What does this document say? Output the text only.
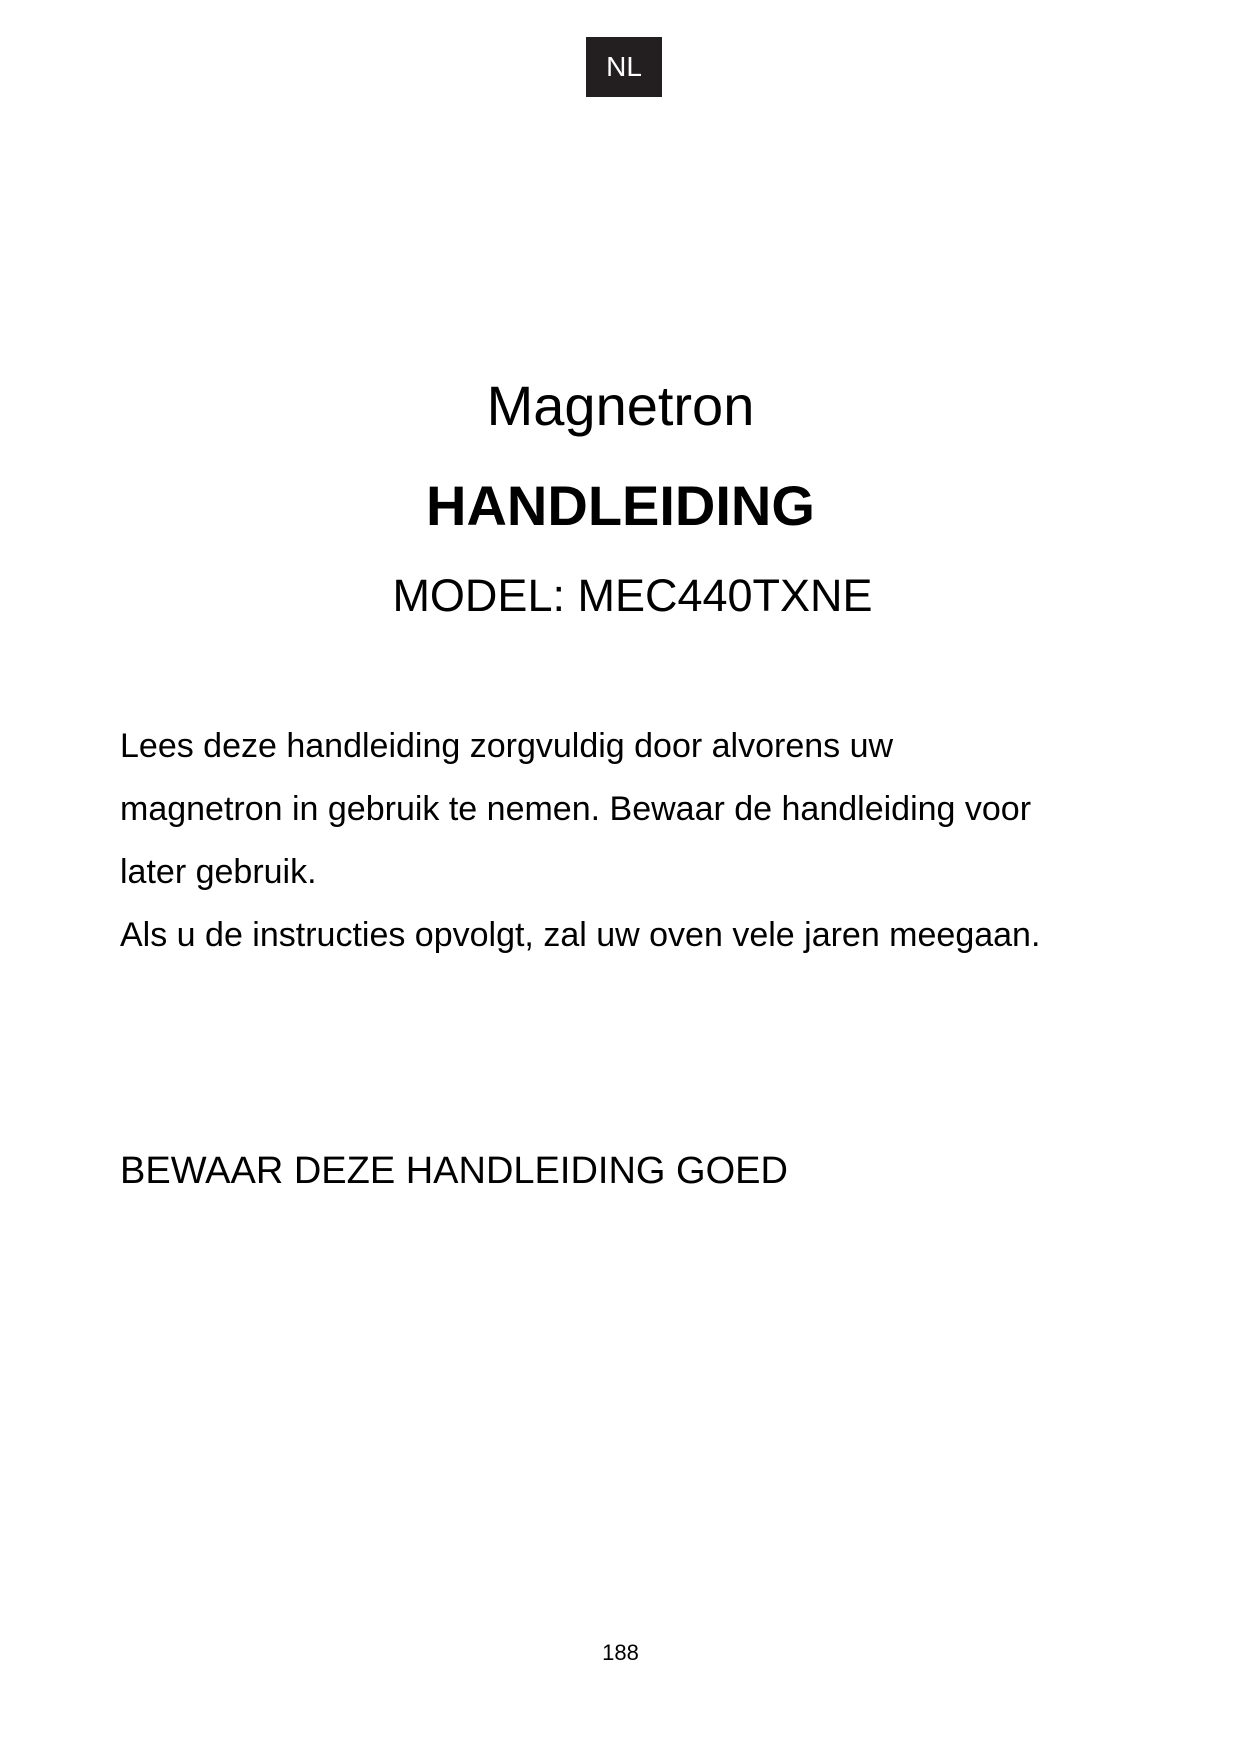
NL
Magnetron
HANDLEIDING
MODEL: MEC440TXNE
Lees deze handleiding zorgvuldig door alvorens uw
magnetron in gebruik te nemen. Bewaar de handleiding voor
later gebruik.
Als u de instructies opvolgt, zal uw oven vele jaren meegaan.
BEWAAR DEZE HANDLEIDING GOED
188
